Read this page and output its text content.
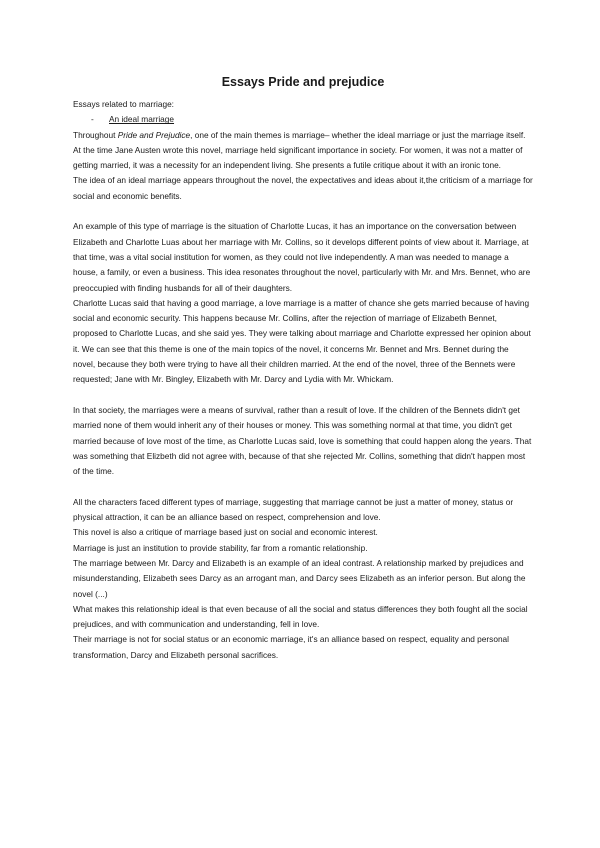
Essays Pride and prejudice

Essays related to marriage:

-	An ideal marriage

Throughout Pride and Prejudice, one of the main themes is marriage– whether the ideal marriage or just the marriage itself. At the time Jane Austen wrote this novel, marriage held significant importance in society. For women, it was not a matter of getting married, it was a necessity for an independent living. She presents a futile critique about it with an ironic tone.

The idea of an ideal marriage appears throughout the novel, the expectatives and ideas about it,the criticism of a marriage for social and economic benefits.

An example of this type of marriage is the situation of Charlotte Lucas, it has an importance on the conversation between Elizabeth and Charlotte Luas about her marriage with Mr. Collins, so it develops different points of view about it. Marriage, at that time, was a vital social institution for women, as they could not live independently. A man was needed to manage a house, a family, or even a business. This idea resonates throughout the novel, particularly with Mr. and Mrs. Bennet, who are preoccupied with finding husbands for all of their daughters.

Charlotte Lucas said that having a good marriage, a love marriage is a matter of chance she gets married because of having social and economic security. This happens because Mr. Collins, after the rejection of marriage of Elizabeth Bennet, proposed to Charlotte Lucas, and she said yes. They were talking about marriage and Charlotte expressed her opinion about it. We can see that this theme is one of the main topics of the novel, it concerns Mr. Bennet and Mrs. Bennet during the novel, because they both were trying to have all their children married. At the end of the novel, three of the Bennets were requested; Jane with Mr. Bingley, Elizabeth with Mr. Darcy and Lydia with Mr. Whickam.

In that society, the marriages were a means of survival, rather than a result of love. If the children of the Bennets didn't get married none of them would inherit any of their houses or money. This was something normal at that time, you didn't get married because of love most of the time, as Charlotte Lucas said, love is something that could happen along the years. That was something that Elizbeth did not agree with, because of that she rejected Mr. Collins, something that didn't happen most of the time.

All the characters faced different types of marriage, suggesting that marriage cannot be just a matter of money, status or physical attraction, it can be an alliance based on respect, comprehension and love.

This novel is also a critique of marriage based just on social and economic interest.

Marriage is just an institution to provide stability, far from a romantic relationship.

The marriage between Mr. Darcy and Elizabeth is an example of an ideal contrast. A relationship marked by prejudices and misunderstanding, Elizabeth sees Darcy as an arrogant man, and Darcy sees Elizabeth as an inferior person. But along the novel (...)

What makes this relationship ideal is that even because of all the social and status differences they both fought all the social prejudices, and with communication and understanding, fell in love.

Their marriage is not for social status or an economic marriage, it's an alliance based on respect, equality and personal transformation, Darcy and Elizabeth personal sacrifices.
